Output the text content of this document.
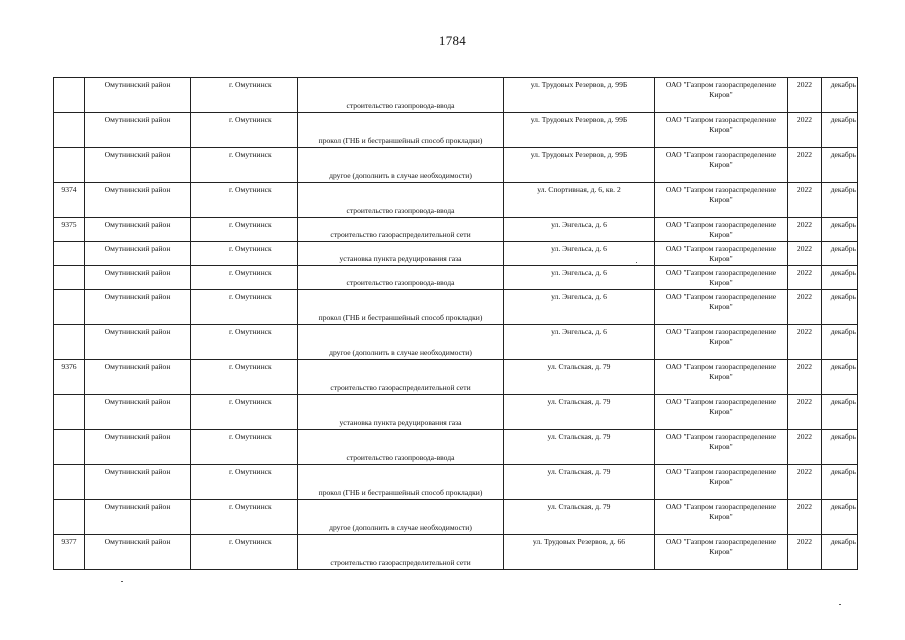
1784
	Омутнинский район	г. Омутнинск	строительство газопровода-ввода	ул. Трудовых Резервов, д. 99Б	ОАО "Газпром газораспределение Киров"	2022	декабрь
	Омутнинский район	г. Омутнинск	прокол (ГНБ и бестраншейный способ прокладки)	ул. Трудовых Резервов, д. 99Б	ОАО "Газпром газораспределение Киров"	2022	декабрь
	Омутнинский район	г. Омутнинск	другое (дополнить в случае необходимости)	ул. Трудовых Резервов, д. 99Б	ОАО "Газпром газораспределение Киров"	2022	декабрь
9374	Омутнинский район	г. Омутнинск	строительство газопровода-ввода	ул. Спортивная, д. 6, кв. 2	ОАО "Газпром газораспределение Киров"	2022	декабрь
9375	Омутнинский район	г. Омутнинск	строительство газораспределительной сети	ул. Энгельса, д. 6	ОАО "Газпром газораспределение Киров"	2022	декабрь
	Омутнинский район	г. Омутнинск	установка пункта редуцирования газа	ул. Энгельса, д. 6	ОАО "Газпром газораспределение Киров"	2022	декабрь
	Омутнинский район	г. Омутнинск	строительство газопровода-ввода	ул. Энгельса, д. 6	ОАО "Газпром газораспределение Киров"	2022	декабрь
	Омутнинский район	г. Омутнинск	прокол (ГНБ и бестраншейный способ прокладки)	ул. Энгельса, д. 6	ОАО "Газпром газораспределение Киров"	2022	декабрь
	Омутнинский район	г. Омутнинск	другое (дополнить в случае необходимости)	ул. Энгельса, д. 6	ОАО "Газпром газораспределение Киров"	2022	декабрь
9376	Омутнинский район	г. Омутнинск	строительство газораспределительной сети	ул. Стальская, д. 79	ОАО "Газпром газораспределение Киров"	2022	декабрь
	Омутнинский район	г. Омутнинск	установка пункта редуцирования газа	ул. Стальская, д. 79	ОАО "Газпром газораспределение Киров"	2022	декабрь
	Омутнинский район	г. Омутнинск	строительство газопровода-ввода	ул. Стальская, д. 79	ОАО "Газпром газораспределение Киров"	2022	декабрь
	Омутнинский район	г. Омутнинск	прокол (ГНБ и бестраншейный способ прокладки)	ул. Стальская, д. 79	ОАО "Газпром газораспределение Киров"	2022	декабрь
	Омутнинский район	г. Омутнинск	другое (дополнить в случае необходимости)	ул. Стальская, д. 79	ОАО "Газпром газораспределение Киров"	2022	декабрь
9377	Омутнинский район	г. Омутнинск	строительство газораспределительной сети	ул. Трудовых Резервов, д. 66	ОАО "Газпром газораспределение Киров"	2022	декабрь
